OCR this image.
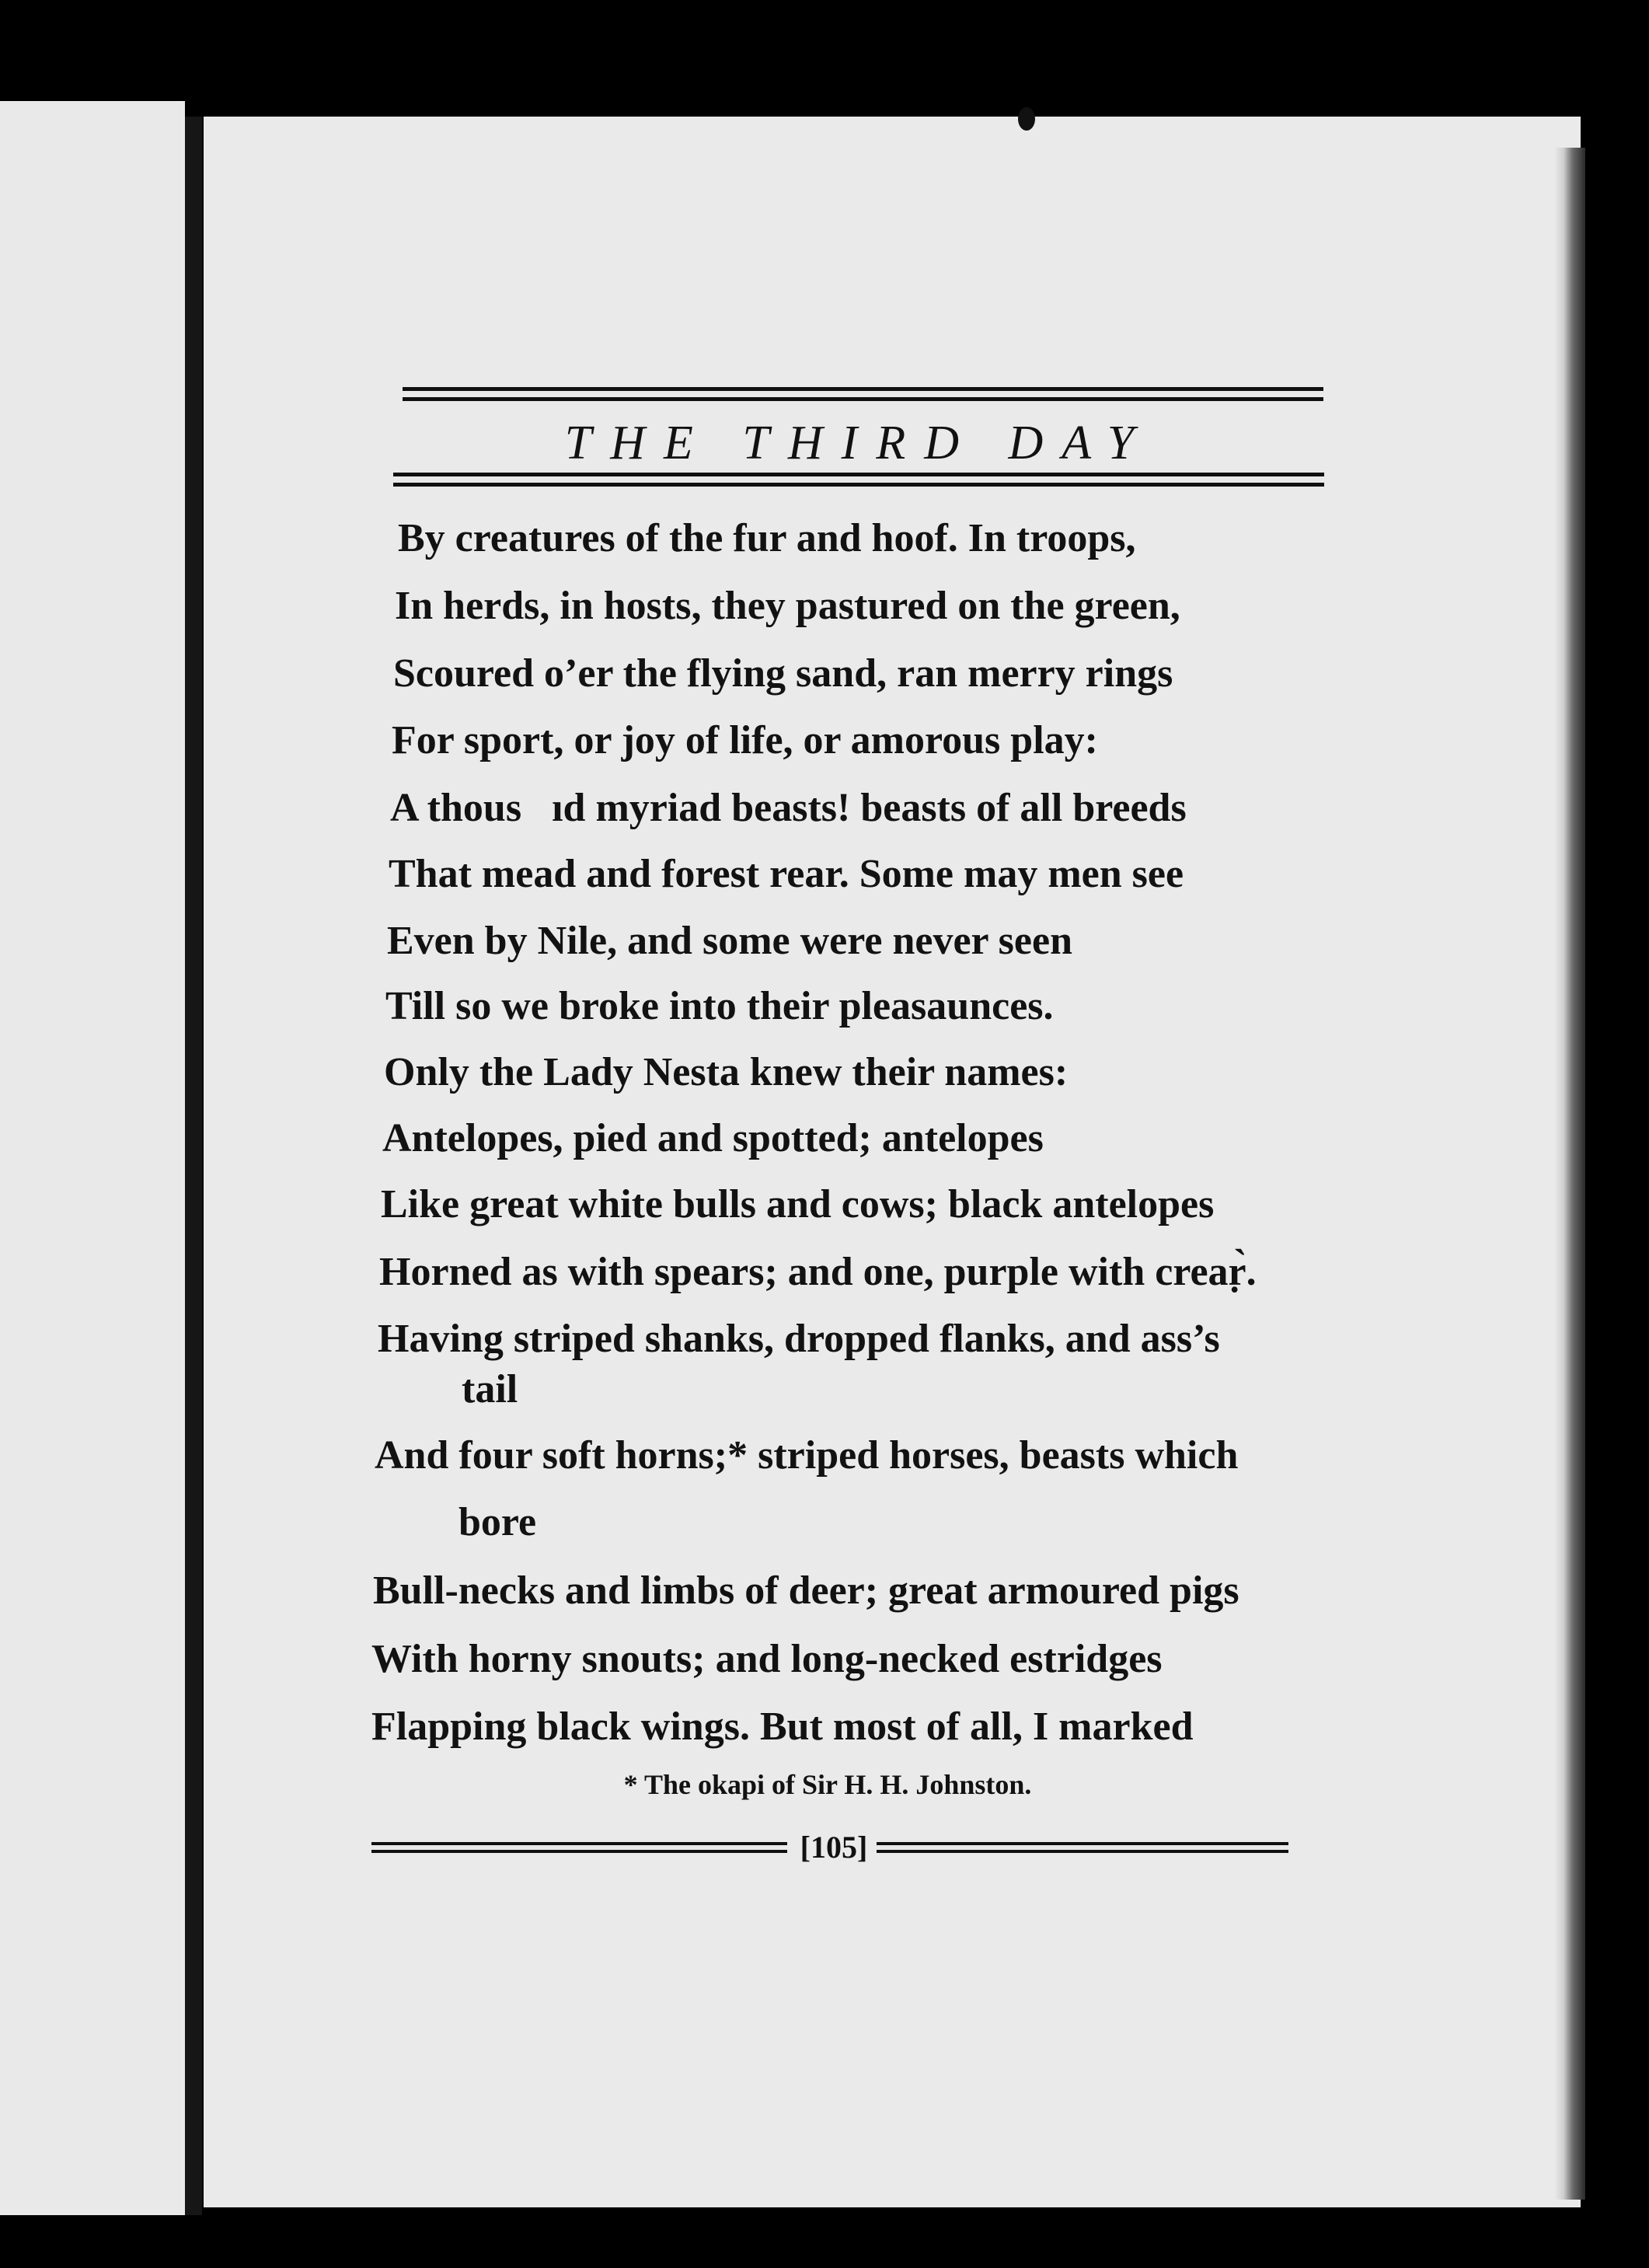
THE THIRD DAY
By creatures of the fur and hoof. In troops,
In herds, in hosts, they pastured on the green,
Scoured o’er the flying sand, ran merry rings
For sport, or joy of life, or amorous play:
A thous  ıd myriad beasts! beasts of all breeds
That mead and forest rear. Some may men see
Even by Nile, and some were never seen
Till so we broke into their pleasaunces.
Only the Lady Nesta knew their names:
Antelopes, pied and spotted; antelopes
Like great white bulls and cows; black antelopes
Horned as with spears; and one, purple with creaṛ̀.
Having striped shanks, dropped flanks, and ass’s
tail
And four soft horns;* striped horses, beasts which
bore
Bull-necks and limbs of deer; great armoured pigs
With horny snouts; and long-necked estridges
Flapping black wings. But most of all, I marked
* The okapi of Sir H. H. Johnston.
[105]
